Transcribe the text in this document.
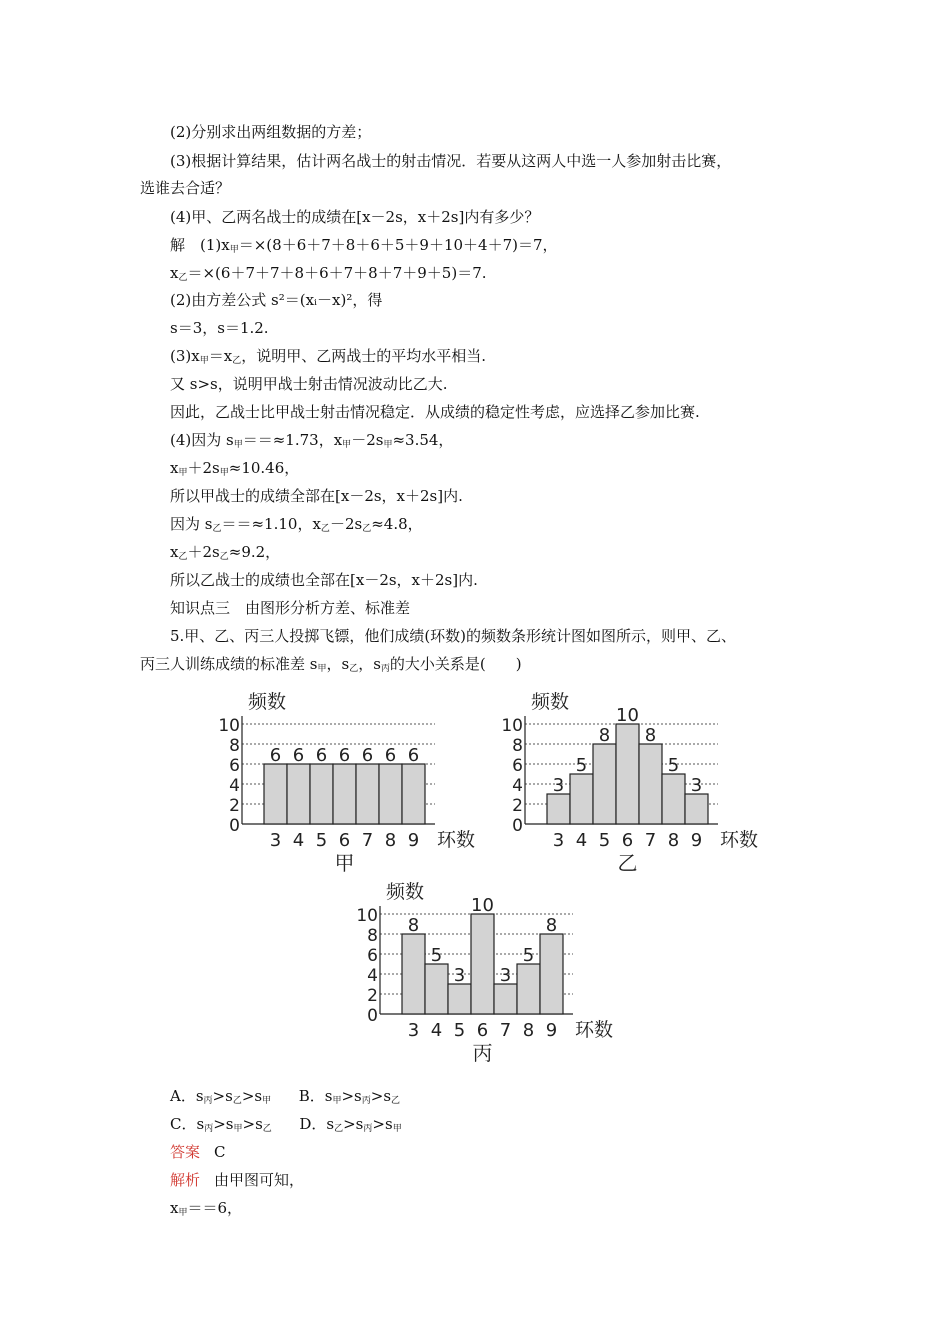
(2)分别求出两组数据的方差；
(3)根据计算结果，估计两名战士的射击情况．若要从这两人中选一人参加射击比赛，
选谁去合适？
(4)甲、乙两名战士的成绩在[x－2s，x＋2s]内有多少？
解　$(1)x_甲=\times(8+6+7+8+6+5+9+10+4+7)=7$，
$x_乙=\times(6+7+7+8+6+7+8+7+9+5)=7$.
(2)由方差公式 s²＝(xᵢ－x)²，得
s＝3，s＝1.2.
$(3)x_甲=x_乙$，说明甲、乙两战士的平均水平相当.
又 s>s，说明甲战士射击情况波动比乙大.
因此，乙战士比甲战士射击情况稳定．从成绩的稳定性考虑，应选择乙参加比赛.
(4)因为 $s_甲==\approx 1.73$，$x_甲-2s_甲\approx 3.54$，
$x_甲+2s_甲\approx 10.46$，
所以甲战士的成绩全部在[x－2s，x＋2s]内.
因为 $s_乙==\approx 1.10$，$x_乙-2s_乙\approx 4.8$，
$x_乙+2s_乙\approx 9.2$，
所以乙战士的成绩也全部在[x－2s，x＋2s]内.
知识点三　由图形分析方差、标准差
5.甲、乙、丙三人投掷飞镖，他们成绩(环数)的频数条形统计图如图所示，则甲、乙、
丙三人训练成绩的标准差 $s_甲$，$s_乙$，$s_丙$的大小关系是(　　)
0
2
4
6
8
10
频数
6
3
6
4
6
5
6
6
6
7
6
8
6
9 环数
甲
0
2
4
6
8
10
频数
3
3
5
4
8
5
10
6
8
7
5
8
3
9 环数
乙
0
2
4
6
8
10
频数
8
3
5
4
3
5
10
6
3
7
5
8
8
9 环数
丙
A．$s_丙>s_乙>s_甲$ B．$s_甲>s_丙>s_乙$
C．$s_丙>s_甲>s_乙$ D．$s_乙>s_丙>s_甲$
答案 C
解析 由甲图可知，
$x_甲==6$，
